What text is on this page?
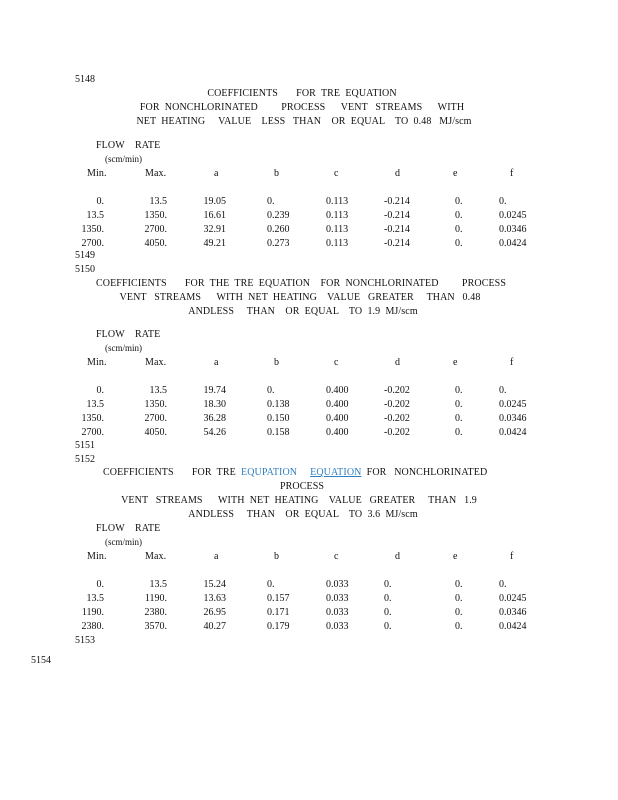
5148
COEFFICIENTS       FOR  TRE  EQUATION
FOR  NONCHLORINATED         PROCESS      VENT   STREAMS      WITH
NET  HEATING     VALUE    LESS   THAN    OR  EQUAL    TO  0.48   MJ/scm
FLOW    RATE
(scm/min)
Min.	Max.	a	b	c	d	e	f
0.	13.5	19.05	0.	0.113	-0.214	0.	0.
13.5	1350.	16.61	0.239	0.113	-0.214	0.	0.0245
1350.	2700.	32.91	0.260	0.113	-0.214	0.	0.0346
2700.	4050.	49.21	0.273	0.113	-0.214	0.	0.0424
5149
5150
COEFFICIENTS       FOR  THE  TRE  EQUATION    FOR  NONCHLORINATED         PROCESS
VENT   STREAMS      WITH  NET  HEATING    VALUE   GREATER     THAN   0.48
ANDLESS     THAN    OR  EQUAL    TO  1.9  MJ/scm
FLOW    RATE
(scm/min)
Min.	Max.	a	b	c	d	e	f
0.	13.5	19.74	0.	0.400	-0.202	0.	0.
13.5	1350.	18.30	0.138	0.400	-0.202	0.	0.0245
1350.	2700.	36.28	0.150	0.400	-0.202	0.	0.0346
2700.	4050.	54.26	0.158	0.400	-0.202	0.	0.0424
5151
5152
COEFFICIENTS       FOR  TRE  EQUPATION EQUATION  FOR   NONCHLORINATED
PROCESS
VENT   STREAMS      WITH  NET  HEATING    VALUE   GREATER     THAN   1.9
ANDLESS     THAN    OR  EQUAL    TO  3.6  MJ/scm
FLOW    RATE
(scm/min)
Min.	Max.	a	b	c	d	e	f
0.	13.5	15.24	0.	0.033	0.	0.	0.
13.5	1190.	13.63	0.157	0.033	0.	0.	0.0245
1190.	2380.	26.95	0.171	0.033	0.	0.	0.0346
2380.	3570.	40.27	0.179	0.033	0.	0.	0.0424
5153
5154
